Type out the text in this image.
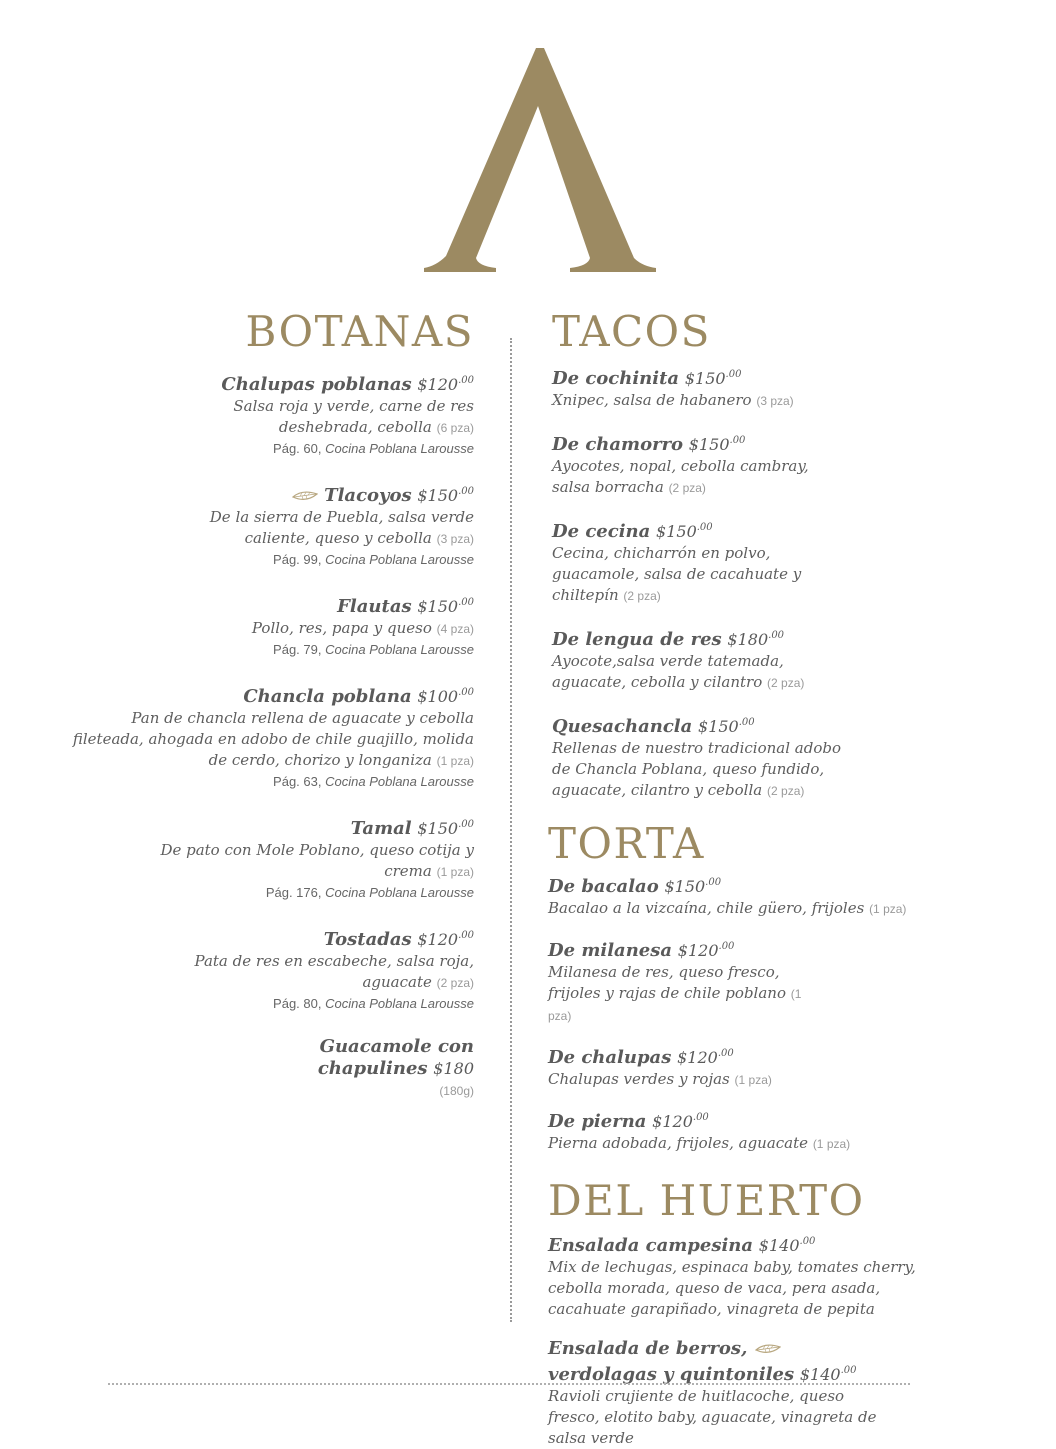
BOTANAS
Chalupas poblanas $\$120^{.00}$
Salsa roja y verde, carne de res deshebrada, cebolla (6 pza)
Pág. 60, Cocina Poblana Larousse
Tlacoyos $\$150^{.00}$
De la sierra de Puebla, salsa verde caliente, queso y cebolla (3 pza)
Pág. 99, Cocina Poblana Larousse
Flautas $\$150^{.00}$
Pollo, res, papa y queso (4 pza)
Pág. 79, Cocina Poblana Larousse
Chancla poblana $\$100^{.00}$
Pan de chancla rellena de aguacate y cebolla fileteada, ahogada en adobo de chile guajillo, molida de cerdo, chorizo y longaniza (1 pza)
Pág. 63, Cocina Poblana Larousse
Tamal $\$150^{.00}$
De pato con Mole Poblano, queso cotija y crema (1 pza)
Pág. 176, Cocina Poblana Larousse
Tostadas $\$120^{.00}$
Pata de res en escabeche, salsa roja, aguacate (2 pza)
Pág. 80, Cocina Poblana Larousse
Guacamole con
chapulines $180
(180g)
TACOS
De cochinita $\$150^{.00}$
Xnipec, salsa de habanero (3 pza)
De chamorro $\$150^{.00}$
Ayocotes, nopal, cebolla cambray, salsa borracha (2 pza)
De cecina $\$150^{.00}$
Cecina, chicharrón en polvo, guacamole, salsa de cacahuate y chiltepín (2 pza)
De lengua de res $\$180^{.00}$
Ayocote,salsa verde tatemada, aguacate, cebolla y cilantro (2 pza)
Quesachancla $\$150^{.00}$
Rellenas de nuestro tradicional adobo de Chancla Poblana, queso fundido, aguacate, cilantro y cebolla (2 pza)
TORTA
De bacalao $\$150^{.00}$
Bacalao a la vizcaína, chile güero, frijoles (1 pza)
De milanesa $\$120^{.00}$
Milanesa de res, queso fresco, frijoles y rajas de chile poblano (1 pza)
De chalupas $\$120^{.00}$
Chalupas verdes y rojas (1 pza)
De pierna $\$120^{.00}$
Pierna adobada, frijoles, aguacate (1 pza)
DEL HUERTO
Ensalada campesina $\$140^{.00}$
Mix de lechugas, espinaca baby, tomates cherry, cebolla morada, queso de vaca, pera asada, cacahuate garapiñado, vinagreta de pepita
Ensalada de berros,
verdolagas y quintoniles $\$140^{.00}$
Ravioli crujiente de huitlacoche, queso fresco, elotito baby, aguacate, vinagreta de salsa verde
